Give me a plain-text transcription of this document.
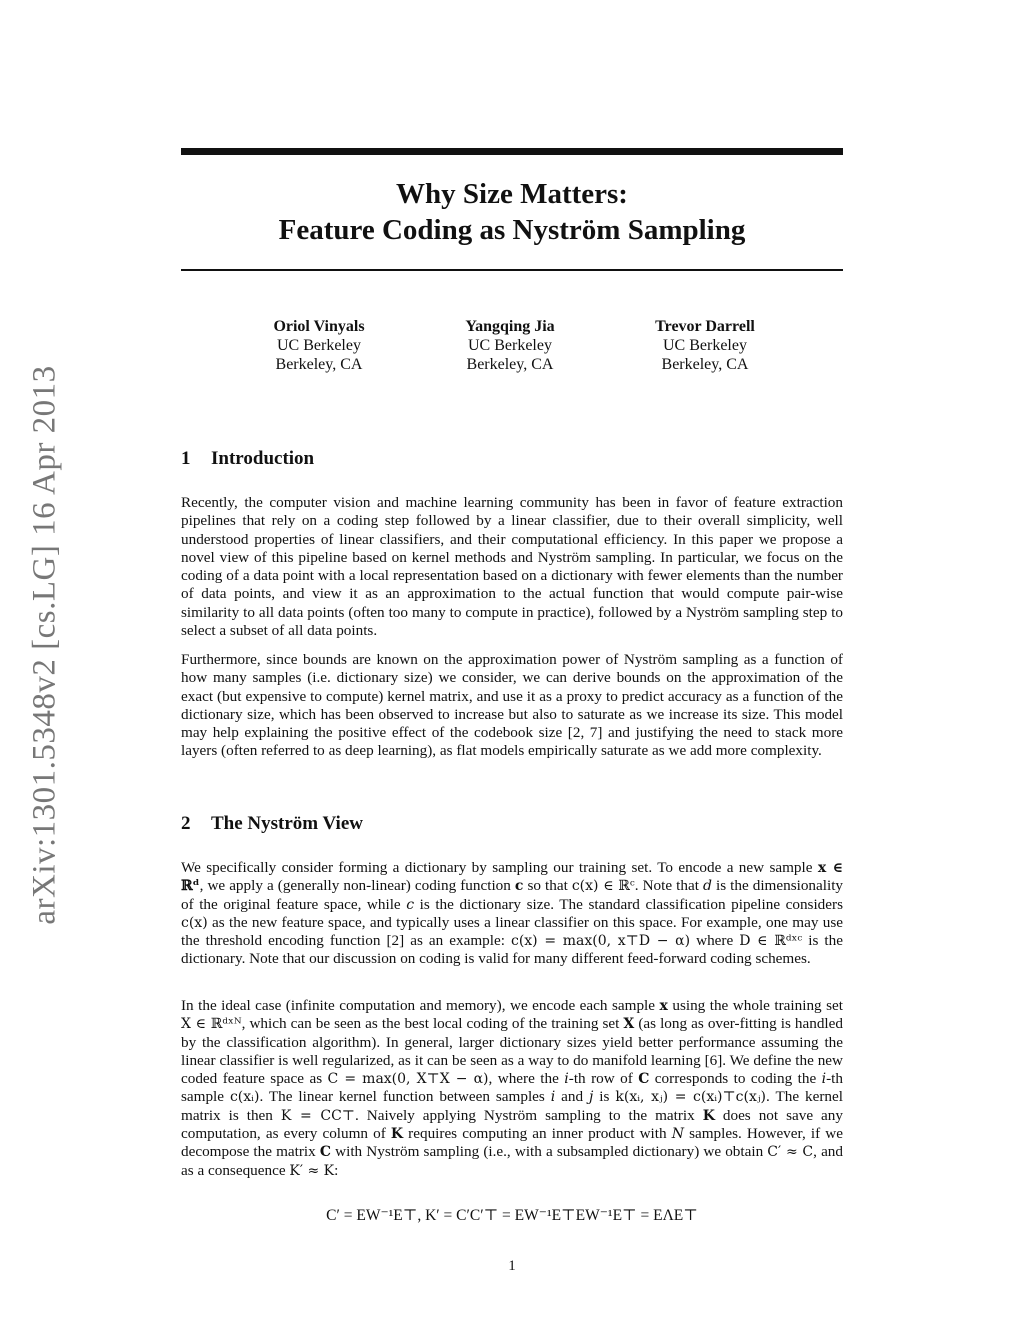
arXiv:1301.5348v2 [cs.LG] 16 Apr 2013
Why Size Matters:
Feature Coding as Nyström Sampling
Oriol Vinyals
UC Berkeley
Berkeley, CA
Yangqing Jia
UC Berkeley
Berkeley, CA
Trevor Darrell
UC Berkeley
Berkeley, CA
1 Introduction

Recently, the computer vision and machine learning community has been in favor of feature extraction pipelines that rely on a coding step followed by a linear classifier, due to their overall simplicity, well understood properties of linear classifiers, and their computational efficiency. In this paper we propose a novel view of this pipeline based on kernel methods and Nyström sampling. In particular, we focus on the coding of a data point with a local representation based on a dictionary with fewer elements than the number of data points, and view it as an approximation to the actual function that would compute pair-wise similarity to all data points (often too many to compute in practice), followed by a Nyström sampling step to select a subset of all data points.

Furthermore, since bounds are known on the approximation power of Nyström sampling as a function of how many samples (i.e. dictionary size) we consider, we can derive bounds on the approximation of the exact (but expensive to compute) kernel matrix, and use it as a proxy to predict accuracy as a function of the dictionary size, which has been observed to increase but also to saturate as we increase its size. This model may help explaining the positive effect of the codebook size [2, 7] and justifying the need to stack more layers (often referred to as deep learning), as flat models empirically saturate as we add more complexity.

2 The Nyström View

We specifically consider forming a dictionary by sampling our training set. To encode a new sample x ∈ ℝᵈ, we apply a (generally non-linear) coding function c so that c(x) ∈ ℝᶜ. Note that d is the dimensionality of the original feature space, while c is the dictionary size. The standard classification pipeline considers c(x) as the new feature space, and typically uses a linear classifier on this space. For example, one may use the threshold encoding function [2] as an example: c(x) = max(0, x⊤D − α) where D ∈ ℝᵈˣᶜ is the dictionary. Note that our discussion on coding is valid for many different feed-forward coding schemes.

In the ideal case (infinite computation and memory), we encode each sample x using the whole training set X ∈ ℝᵈˣᴺ, which can be seen as the best local coding of the training set X (as long as over-fitting is handled by the classification algorithm). In general, larger dictionary sizes yield better performance assuming the linear classifier is well regularized, as it can be seen as a way to do manifold learning [6]. We define the new coded feature space as C = max(0, X⊤X − α), where the i-th row of C corresponds to coding the i-th sample c(xᵢ). The linear kernel function between samples i and j is k(xᵢ, xⱼ) = c(xᵢ)⊤c(xⱼ). The kernel matrix is then K = CC⊤. Naively applying Nyström sampling to the matrix K does not save any computation, as every column of K requires computing an inner product with N samples. However, if we decompose the matrix C with Nyström sampling (i.e., with a subsampled dictionary) we obtain C′ ≈ C, and as a consequence K′ ≈ K:

C′ = EW⁻¹E⊤, K′ = C′C′⊤ = EW⁻¹E⊤EW⁻¹E⊤ = EΛE⊤
1
